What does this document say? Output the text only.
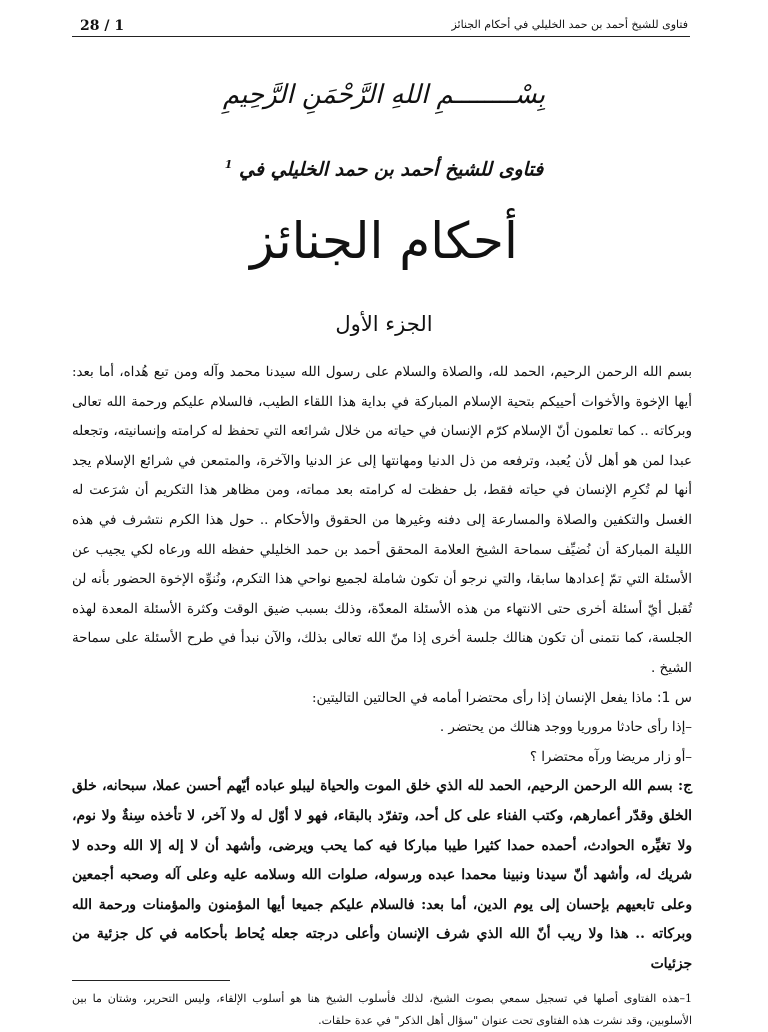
28 / 1	فتاوى للشيخ أحمد بن حمد الخليلي في أحكام الجنائز
بِسْــــــــمِ اللهِ الرَّحْمَنِ الرَّحِيمِ
فتاوى للشيخ أحمد بن حمد الخليلي في $^1$
أحكام الجنائز
الجزء الأول

بسم الله الرحمن الرحيم، الحمد لله، والصلاة والسلام على رسول الله سيدنا محمد وآله ومن تبع هُداه، أما بعد: أيها الإخوة والأخوات أحييكم بتحية الإسلام المباركة في بداية هذا اللقاء الطيب، فالسلام عليكم ورحمة الله تعالى وبركاته .. كما تعلمون أنّ الإسلام كرّم الإنسان في حياته من خلال شرائعه التي تحفظ له كرامته وإنسانيته، وتجعله عبدا لمن هو أهل لأن يُعبد، وترفعه من ذل الدنيا ومهانتها إلى عز الدنيا والآخرة، والمتمعن في شرائع الإسلام يجد أنها لم تُكرِم الإنسان في حياته فقط، بل حفظت له كرامته بعد مماته، ومن مظاهر هذا التكريم أن شرَعت له الغسل والتكفين والصلاة والمسارعة إلى دفنه وغيرها من الحقوق والأحكام .. حول هذا الكرم نتشرف في هذه الليلة المباركة أن نُضيِّف سماحة الشيخ العلامة المحقق أحمد بن حمد الخليلي حفظه الله ورعاه لكي يجيب عن الأسئلة التي تمّ إعدادها سابقا، والتي نرجو أن تكون شاملة لجميع نواحي هذا التكرم، ونُنوِّه الإخوة الحضور بأنه لن تُقبل أيّ أسئلة أخرى حتى الانتهاء من هذه الأسئلة المعدّة، وذلك بسبب ضيق الوقت وكثرة الأسئلة المعدة لهذه الجلسة، كما نتمنى أن تكون هنالك جلسة أخرى إذا منّ الله تعالى بذلك، والآن نبدأ في طرح الأسئلة على سماحة الشيخ .

س 1: ماذا يفعل الإنسان إذا رأى محتضرا أمامه في الحالتين التاليتين:

–إذا رأى حادثا مروريا ووجد هنالك من يحتضر .

–أو زار مريضا ورآه محتضرا ؟

ج: بسم الله الرحمن الرحيم، الحمد لله الذي خلق الموت والحياة ليبلو عباده أيّهم أحسن عملا، سبحانه، خلق الخلق وقدّر أعمارهم، وكتب الفناء على كل أحد، وتفرّد بالبقاء، فهو لا أوّل له ولا آخر، لا تأخذه سِنةٌ ولا نوم، ولا تغيِّره الحوادث، أحمده حمدا كثيرا طيبا مباركا فيه كما يحب ويرضى، وأشهد أن لا إله إلا الله وحده لا شريك له، وأشهد أنّ سيدنا ونبينا محمدا عبده ورسوله، صلوات الله وسلامه عليه وعلى آله وصحبه أجمعين وعلى تابعيهم بإحسان إلى يوم الدين، أما بعد: فالسلام عليكم جميعا أيها المؤمنون والمؤمنات ورحمة الله وبركاته .. هذا ولا ريب أنّ الله الذي شرف الإنسان وأعلى درجته جعله يُحاط بأحكامه في كل جزئية من جزئيات

1–هذه الفتاوى أصلها في تسجيل سمعي بصوت الشيخ، لذلك فأسلوب الشيخ هنا هو أسلوب الإلقاء، وليس التحرير، وشتان ما بين الأسلوبين، وقد نشرت هذه الفتاوى تحت عنوان "سؤال أهل الذكر" في عدة حلقات.
